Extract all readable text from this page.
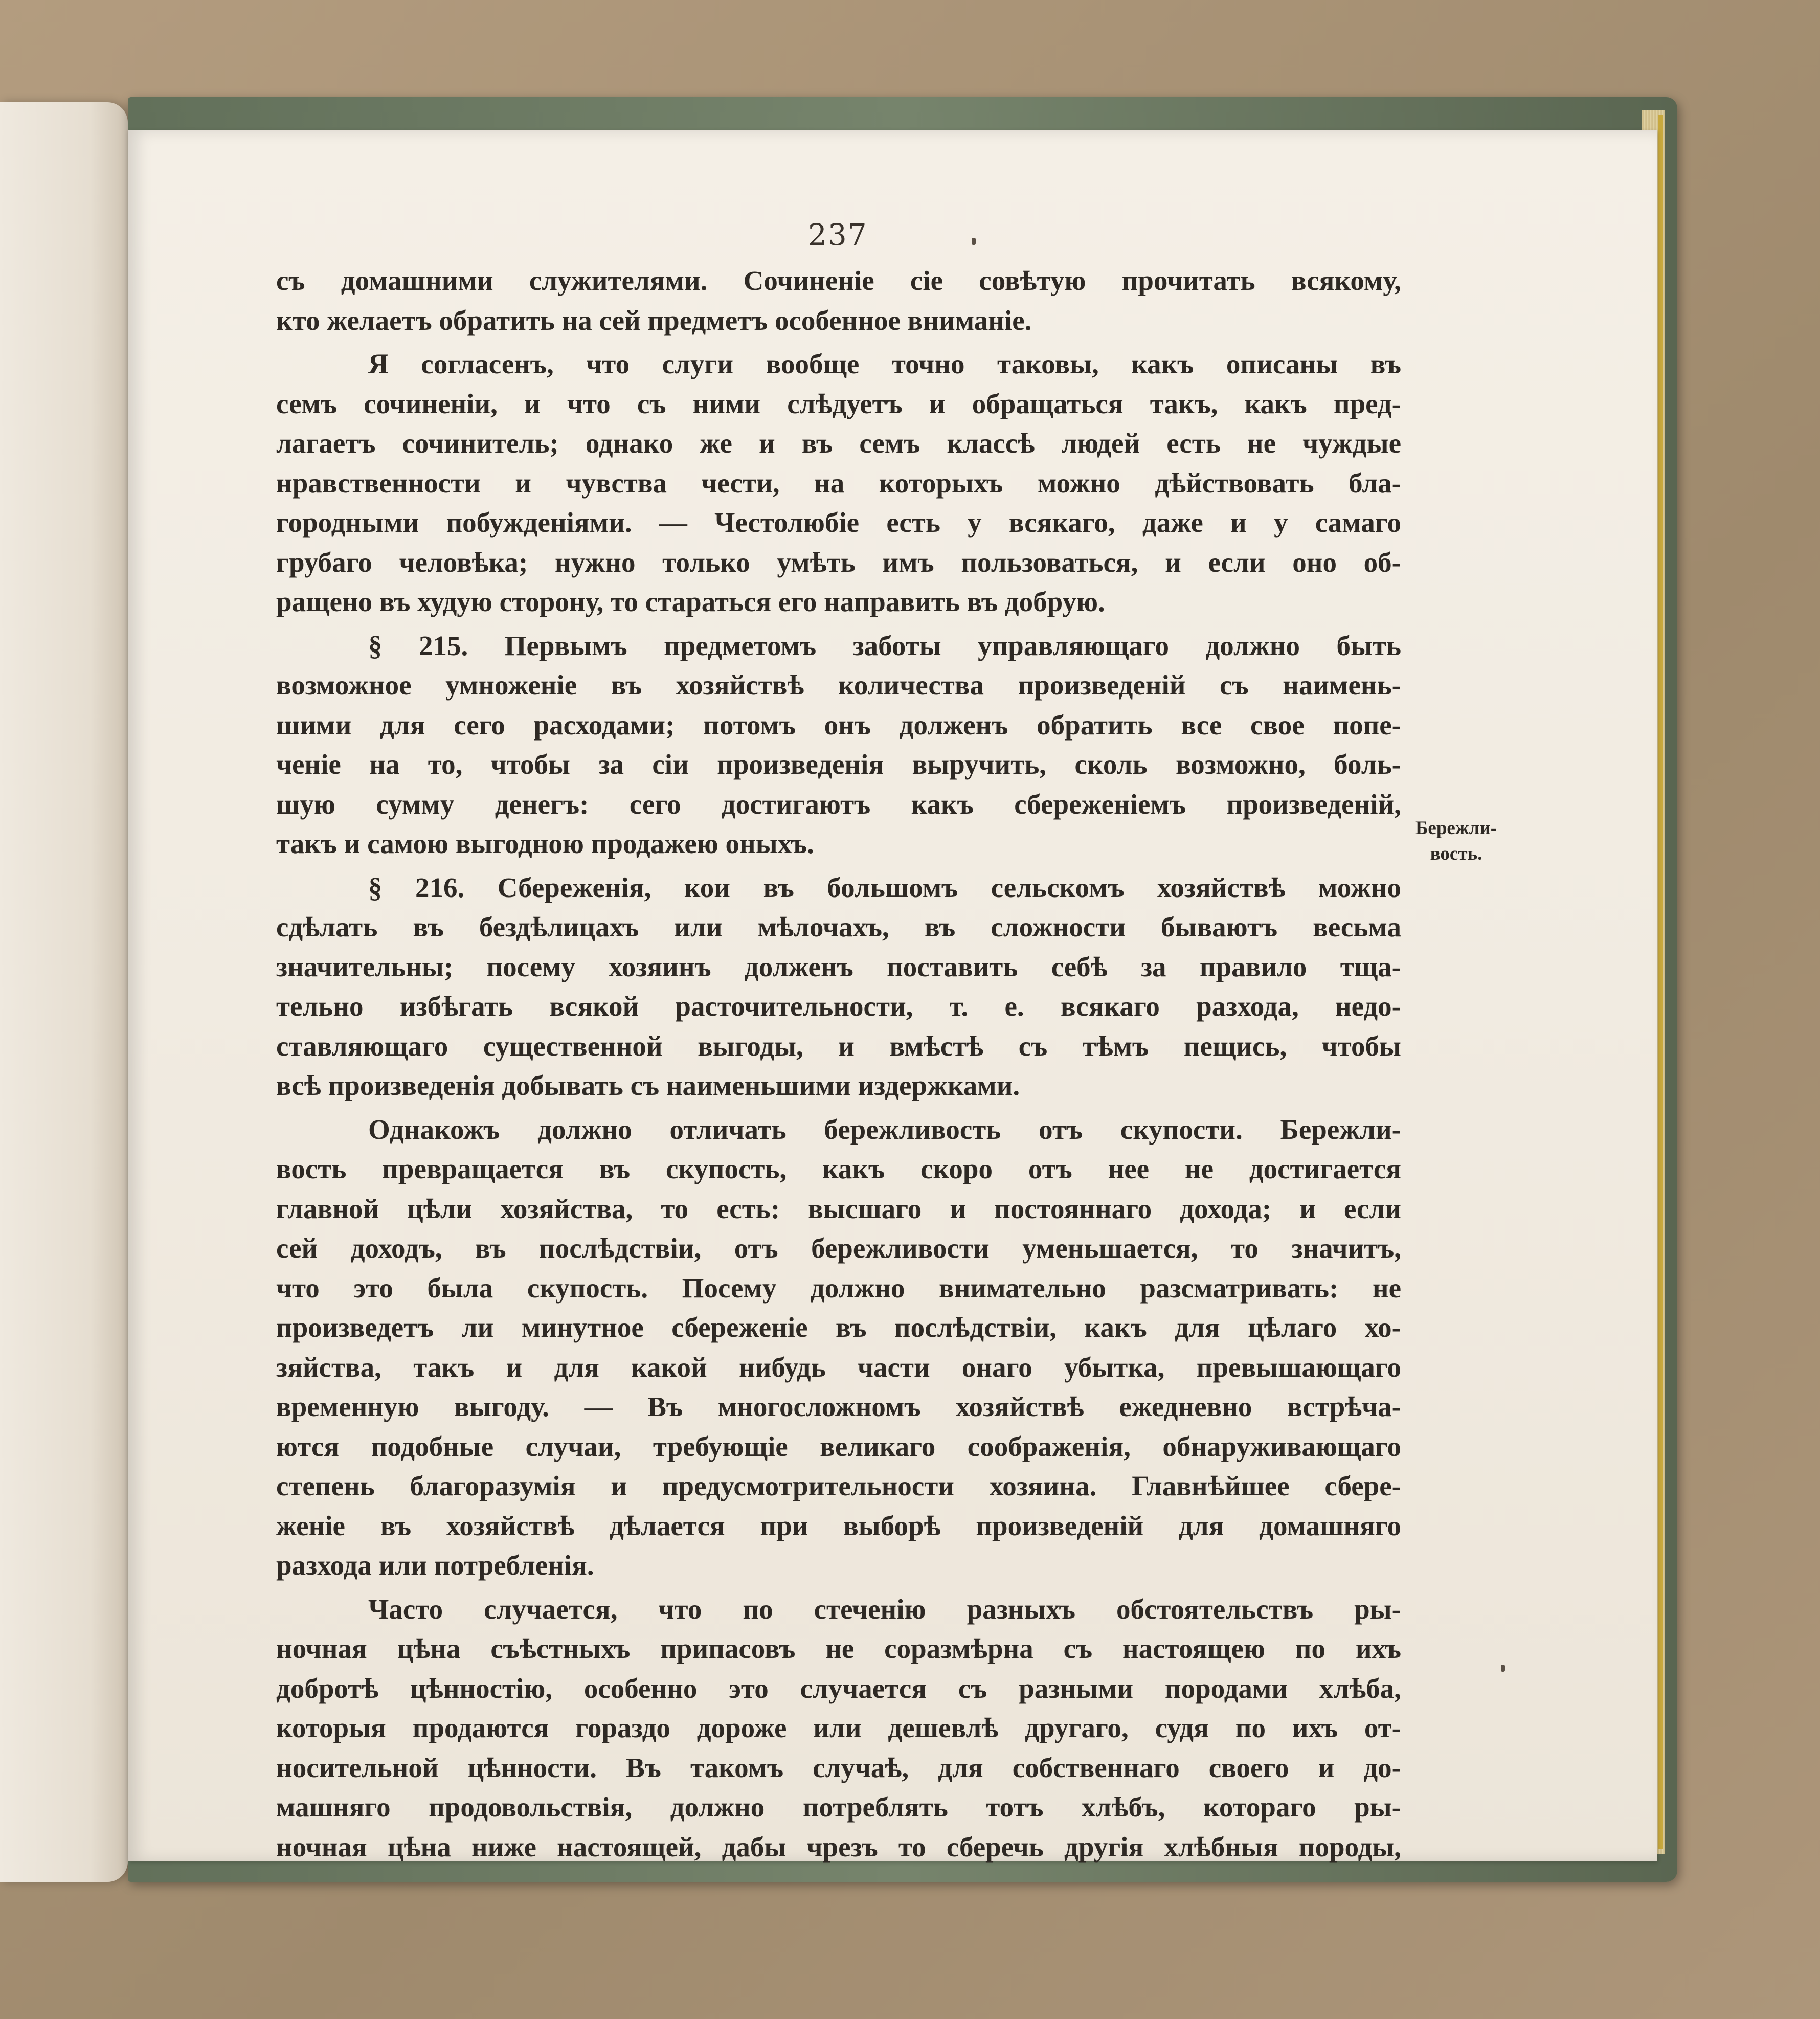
237
съ домашними служителями. Сочиненіе сіе совѣтую прочитать всякому,
кто желаетъ обратить на сей предметъ особенное вниманіе.
Я согласенъ, что слуги вообще точно таковы, какъ описаны въ
семъ сочиненіи, и что съ ними слѣдуетъ и обращаться такъ, какъ пред-
лагаетъ сочинитель; однако же и въ семъ классѣ людей есть не чуждые
нравственности и чувства чести, на которыхъ можно дѣйствовать бла-
городными побужденіями. — Честолюбіе есть у всякаго, даже и у самаго
грубаго человѣка; нужно только умѣть имъ пользоваться, и если оно об-
ращено въ худую сторону, то стараться его направить въ добрую.
§ 215. Первымъ предметомъ заботы управляющаго должно быть
возможное умноженіе въ хозяйствѣ количества произведеній съ наимень-
шими для сего расходами; потомъ онъ долженъ обратить все свое попе-
ченіе на то, чтобы за сіи произведенія выручить, сколь возможно, боль-
шую сумму денегъ: сего достигаютъ какъ сбереженіемъ произведеній,
такъ и самою выгодною продажею оныхъ.
§ 216. Сбереженія, кои въ большомъ сельскомъ хозяйствѣ можно
сдѣлать въ бездѣлицахъ или мѣлочахъ, въ сложности бываютъ весьма
значительны; посему хозяинъ долженъ поставить себѣ за правило тща-
тельно избѣгать всякой расточительности, т. е. всякаго разхода, недо-
ставляющаго существенной выгоды, и вмѣстѣ съ тѣмъ пещись, чтобы
всѣ произведенія добывать съ наименьшими издержками.
Однакожъ должно отличать бережливость отъ скупости. Бережли-
вость превращается въ скупость, какъ скоро отъ нее не достигается
главной цѣли хозяйства, то есть: высшаго и постояннаго дохода; и если
сей доходъ, въ послѣдствіи, отъ бережливости уменьшается, то значитъ,
что это была скупость. Посему должно внимательно разсматривать: не
произведетъ ли минутное сбереженіе въ послѣдствіи, какъ для цѣлаго хо-
зяйства, такъ и для какой нибудь части онаго убытка, превышающаго
временную выгоду. — Въ многосложномъ хозяйствѣ ежедневно встрѣча-
ются подобные случаи, требующіе великаго соображенія, обнаруживающаго
степень благоразумія и предусмотрительности хозяина. Главнѣйшее сбере-
женіе въ хозяйствѣ дѣлается при выборѣ произведеній для домашняго
разхода или потребленія.
Часто случается, что по стеченію разныхъ обстоятельствъ ры-
ночная цѣна съѣстныхъ припасовъ не соразмѣрна съ настоящею по ихъ
добротѣ цѣнностію, особенно это случается съ разными породами хлѣба,
которыя продаются гораздо дороже или дешевлѣ другаго, судя по ихъ от-
носительной цѣнности. Въ такомъ случаѣ, для собственнаго своего и до-
машняго продовольствія, должно потреблять тотъ хлѣбъ, котораго ры-
ночная цѣна ниже настоящей, дабы чрезъ то сберечь другія хлѣбныя породы,
Бережли-
вость.
